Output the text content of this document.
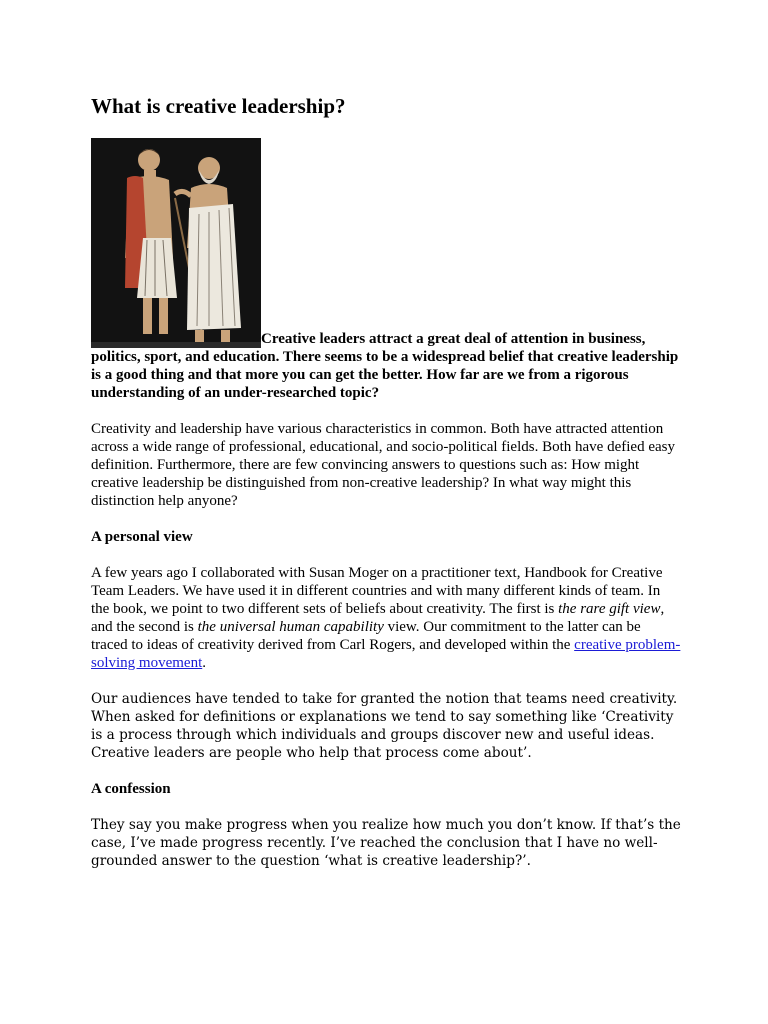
What is creative leadership?

Creative leaders attract a great deal of attention in business, politics, sport, and education. There seems to be a widespread belief that creative leadership is a good thing and that more you can get the better. How far are we from a rigorous understanding of an under-researched topic?

Creativity and leadership have various characteristics in common. Both have attracted attention across a wide range of professional, educational, and socio-political fields. Both have defied easy definition. Furthermore, there are few convincing answers to questions such as: How might creative leadership be distinguished from non-creative leadership? In what way might this distinction help anyone?

A personal view

A few years ago I collaborated with Susan Moger on a practitioner text, Handbook for Creative Team Leaders. We have used it in different countries and with many different kinds of team. In the book, we point to two different sets of beliefs about creativity. The first is the rare gift view, and the second is the universal human capability view. Our commitment to the latter can be traced to ideas of creativity derived from Carl Rogers, and developed within the creative problem-solving movement.

Our audiences have tended to take for granted the notion that teams need creativity. When asked for definitions or explanations we tend to say something like ‘Creativity is a process through which individuals and groups discover new and useful ideas. Creative leaders are people who help that process come about’.

A confession

They say you make progress when you realize how much you don’t know. If that’s the case, I’ve made progress recently. I’ve reached the conclusion that I have no well-grounded answer to the question ‘what is creative leadership?’.
